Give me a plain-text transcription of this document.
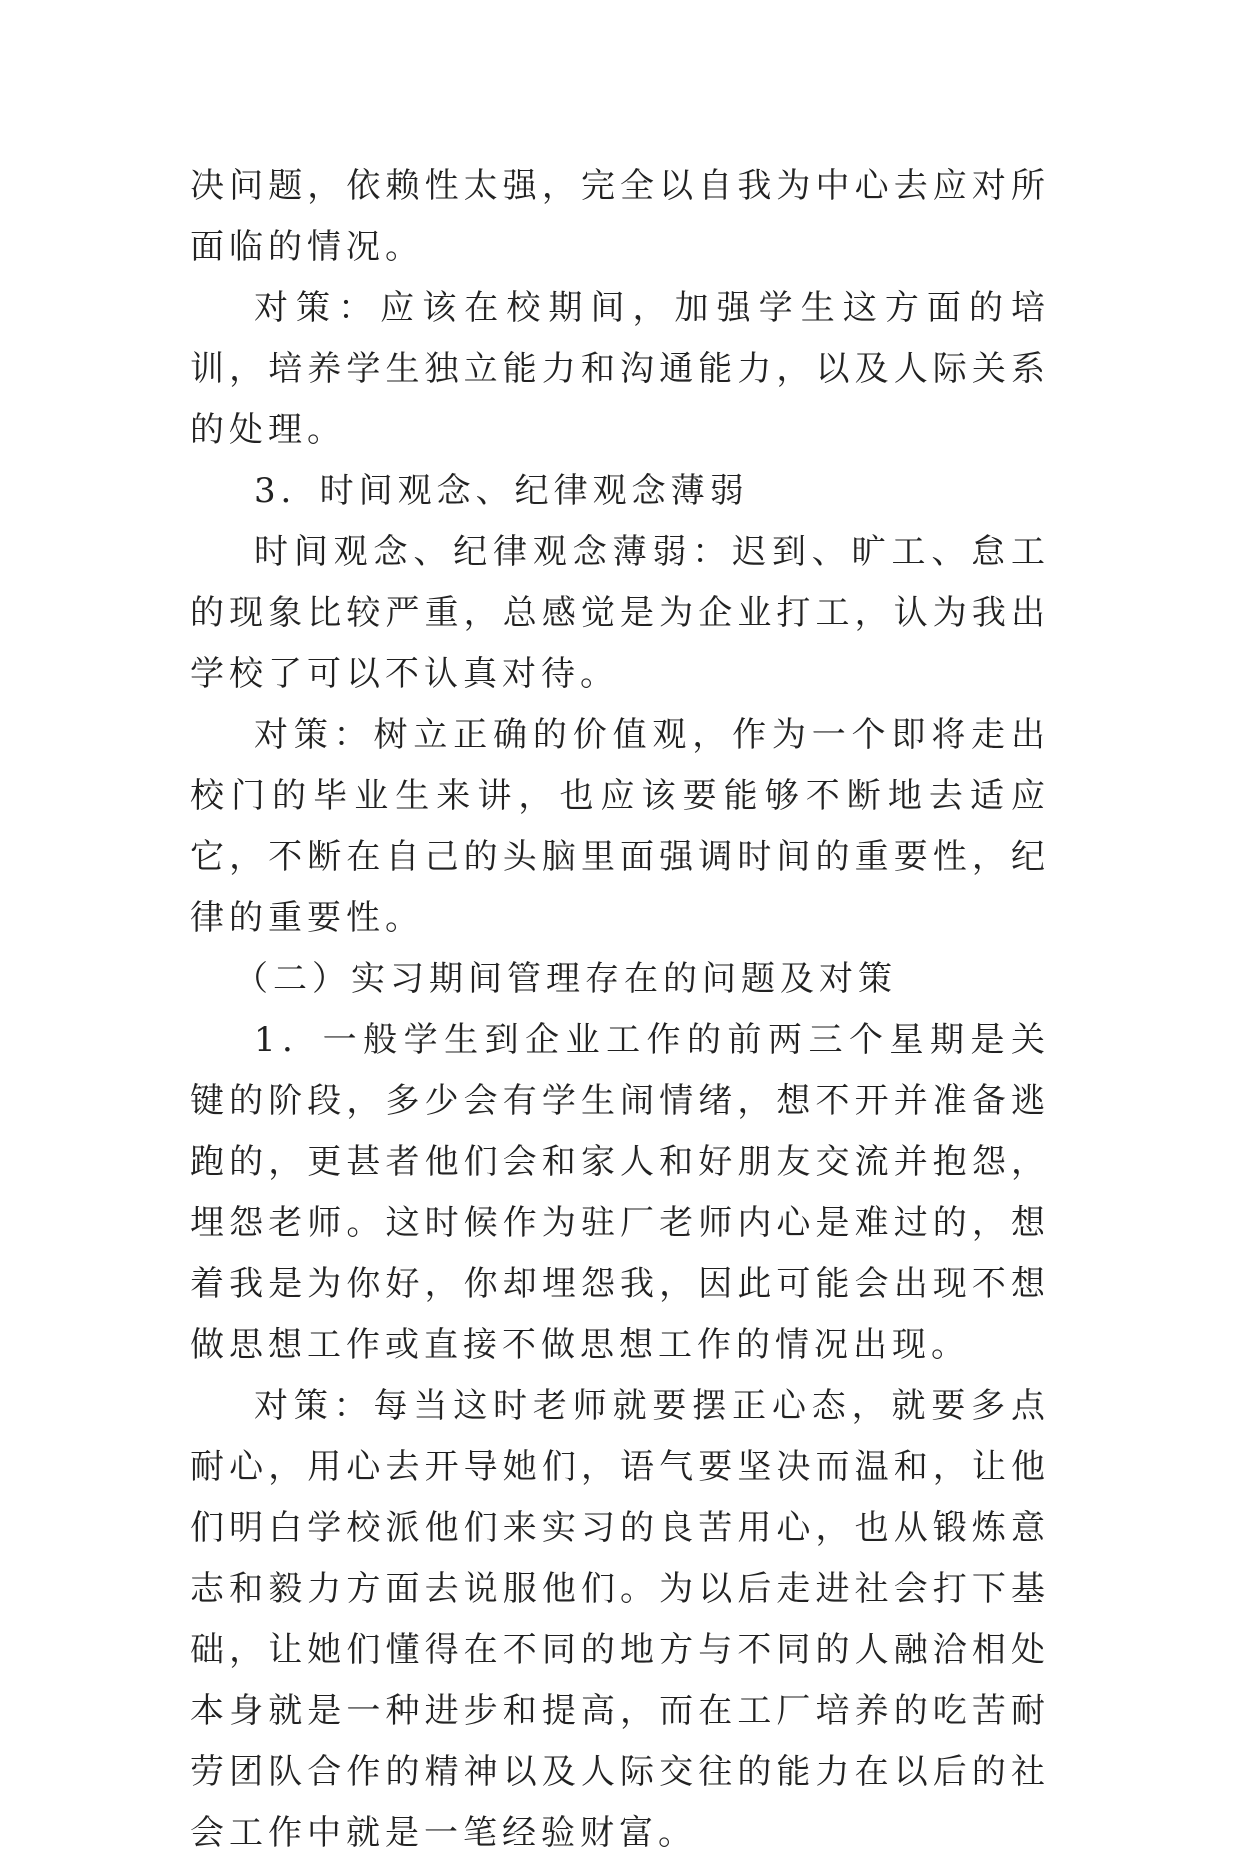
决问题，依赖性太强，完全以自我为中心去应对所面临的情况。

对策：应该在校期间，加强学生这方面的培训，培养学生独立能力和沟通能力，以及人际关系的处理。

3．时间观念、纪律观念薄弱

时间观念、纪律观念薄弱：迟到、旷工、怠工的现象比较严重，总感觉是为企业打工，认为我出学校了可以不认真对待。

对策：树立正确的价值观，作为一个即将走出校门的毕业生来讲，也应该要能够不断地去适应它，不断在自己的头脑里面强调时间的重要性，纪律的重要性。

（二）实习期间管理存在的问题及对策

1．一般学生到企业工作的前两三个星期是关键的阶段，多少会有学生闹情绪，想不开并准备逃跑的，更甚者他们会和家人和好朋友交流并抱怨，埋怨老师。这时候作为驻厂老师内心是难过的，想着我是为你好，你却埋怨我，因此可能会出现不想做思想工作或直接不做思想工作的情况出现。

对策：每当这时老师就要摆正心态，就要多点耐心，用心去开导她们，语气要坚决而温和，让他们明白学校派他们来实习的良苦用心，也从锻炼意志和毅力方面去说服他们。为以后走进社会打下基础，让她们懂得在不同的地方与不同的人融洽相处本身就是一种进步和提高，而在工厂培养的吃苦耐劳团队合作的精神以及人际交往的能力在以后的社会工作中就是一笔经验财富。
